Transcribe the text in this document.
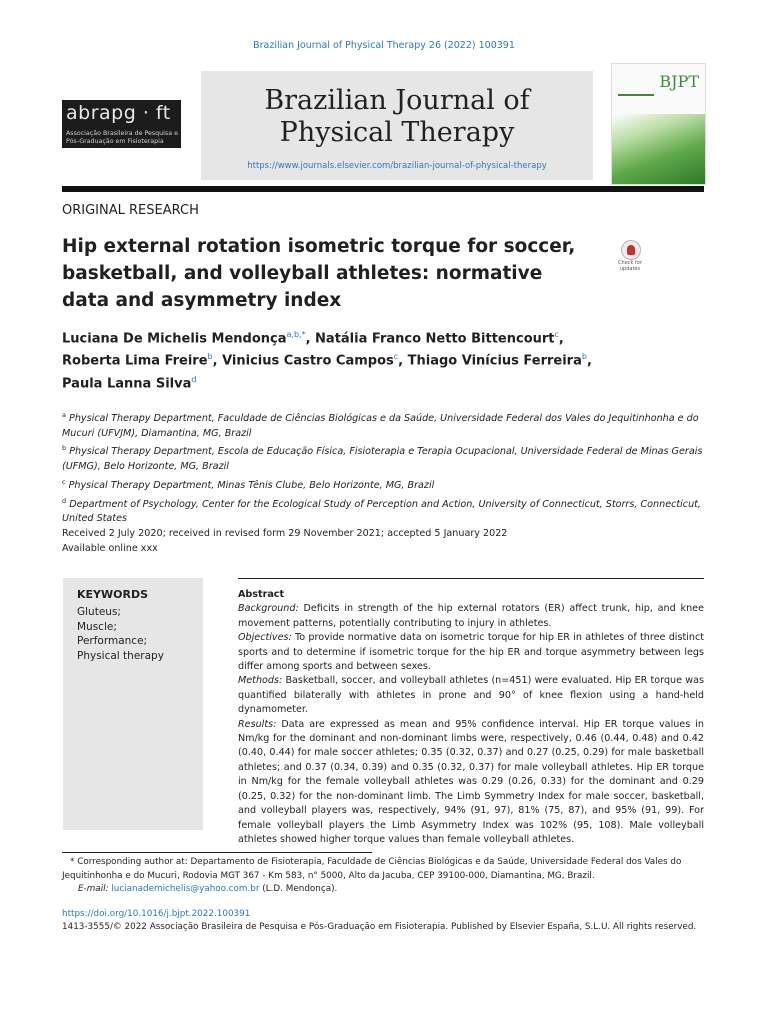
Brazilian Journal of Physical Therapy 26 (2022) 100391
abrapg · ft
Associação Brasileira de Pesquisa e
Pós-Graduação em Fisioterapia
Brazilian Journal of
Physical Therapy
https://www.journals.elsevier.com/brazilian-journal-of-physical-therapy
BJPT
ORIGINAL RESEARCH
Hip external rotation isometric torque for soccer, basketball, and volleyball athletes: normative data and asymmetry index
Check for updates
Luciana De Michelis Mendonça$^{a,b,*}$, Natália Franco Netto Bittencourt$^c$,
Roberta Lima Freire$^b$, Vinicius Castro Campos$^c$, Thiago Vinícius Ferreira$^b$,
Paula Lanna Silva$^d$
$^a$ Physical Therapy Department, Faculdade de Ciências Biológicas e da Saúde, Universidade Federal dos Vales do Jequitinhonha e do Mucuri (UFVJM), Diamantina, MG, Brazil
$^b$ Physical Therapy Department, Escola de Educação Física, Fisioterapia e Terapia Ocupacional, Universidade Federal de Minas Gerais (UFMG), Belo Horizonte, MG, Brazil
$^c$ Physical Therapy Department, Minas Tênis Clube, Belo Horizonte, MG, Brazil
$^d$ Department of Psychology, Center for the Ecological Study of Perception and Action, University of Connecticut, Storrs, Connecticut, United States
Received 2 July 2020; received in revised form 29 November 2021; accepted 5 January 2022
Available online xxx
KEYWORDS
Gluteus;
Muscle;
Performance;
Physical therapy
Abstract
Background: Deficits in strength of the hip external rotators (ER) affect trunk, hip, and knee movement patterns, potentially contributing to injury in athletes.
Objectives: To provide normative data on isometric torque for hip ER in athletes of three distinct sports and to determine if isometric torque for the hip ER and torque asymmetry between legs differ among sports and between sexes.
Methods: Basketball, soccer, and volleyball athletes (n=451) were evaluated. Hip ER torque was quantified bilaterally with athletes in prone and 90° of knee flexion using a hand-held dynamometer.
Results: Data are expressed as mean and 95% confidence interval. Hip ER torque values in Nm/kg for the dominant and non-dominant limbs were, respectively, 0.46 (0.44, 0.48) and 0.42 (0.40, 0.44) for male soccer athletes; 0.35 (0.32, 0.37) and 0.27 (0.25, 0.29) for male basketball athletes; and 0.37 (0.34, 0.39) and 0.35 (0.32, 0.37) for male volleyball athletes. Hip ER torque in Nm/kg for the female volleyball athletes was 0.29 (0.26, 0.33) for the dominant and 0.29 (0.25, 0.32) for the non-dominant limb. The Limb Symmetry Index for male soccer, basketball, and volleyball players was, respectively, 94% (91, 97), 81% (75, 87), and 95% (91, 99). For female volleyball players the Limb Asymmetry Index was 102% (95, 108). Male volleyball athletes showed higher torque values than female volleyball athletes.
* Corresponding author at: Departamento de Fisioterapia, Faculdade de Ciências Biológicas e da Saúde, Universidade Federal dos Vales do Jequitinhonha e do Mucuri, Rodovia MGT 367 - Km 583, n° 5000, Alto da Jacuba, CEP 39100-000, Diamantina, MG, Brazil.
E-mail: lucianademichelis@yahoo.com.br (L.D. Mendonça).
https://doi.org/10.1016/j.bjpt.2022.100391
1413-3555/© 2022 Associação Brasileira de Pesquisa e Pós-Graduação em Fisioterapia. Published by Elsevier España, S.L.U. All rights reserved.
